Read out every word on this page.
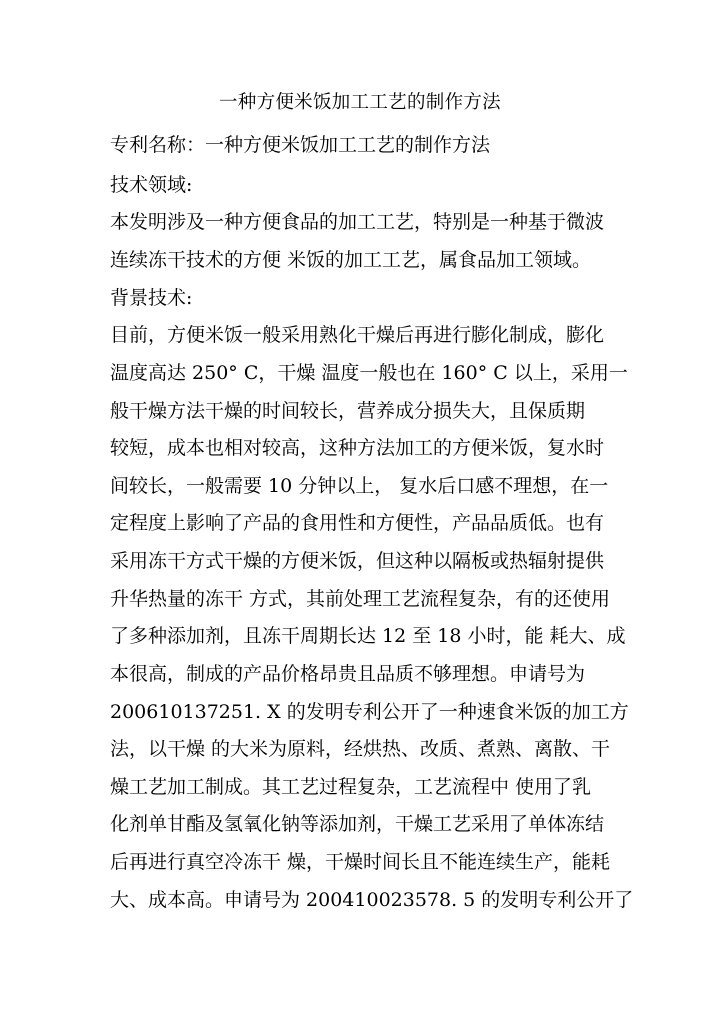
一种方便米饭加工工艺的制作方法
专利名称：一种方便米饭加工工艺的制作方法
技术领域:
本发明涉及一种方便食品的加工工艺，特别是一种基于微波
连续冻干技术的方便 米饭的加工工艺，属食品加工领域。
背景技术:
目前，方便米饭一般采用熟化干燥后再进行膨化制成，膨化
温度高达 250° C，干燥 温度一般也在 160° C 以上，采用一
般干燥方法干燥的时间较长，营养成分损失大，且保质期
较短，成本也相对较高，这种方法加工的方便米饭，复水时
间较长，一般需要 10 分钟以上， 复水后口感不理想，在一
定程度上影响了产品的食用性和方便性，产品品质低。也有
采用冻干方式干燥的方便米饭，但这种以隔板或热辐射提供
升华热量的冻干 方式，其前处理工艺流程复杂，有的还使用
了多种添加剂，且冻干周期长达 12 至 18 小时，能 耗大、成
本很高，制成的产品价格昂贵且品质不够理想。申请号为
200610137251. X 的发明专利公开了一种速食米饭的加工方
法，以干燥 的大米为原料，经烘热、改质、煮熟、离散、干
燥工艺加工制成。其工艺过程复杂，工艺流程中 使用了乳
化剂单甘酯及氢氧化钠等添加剂，干燥工艺采用了单体冻结
后再进行真空冷冻干 燥，干燥时间长且不能连续生产，能耗
大、成本高。申请号为 200410023578. 5 的发明专利公开了
